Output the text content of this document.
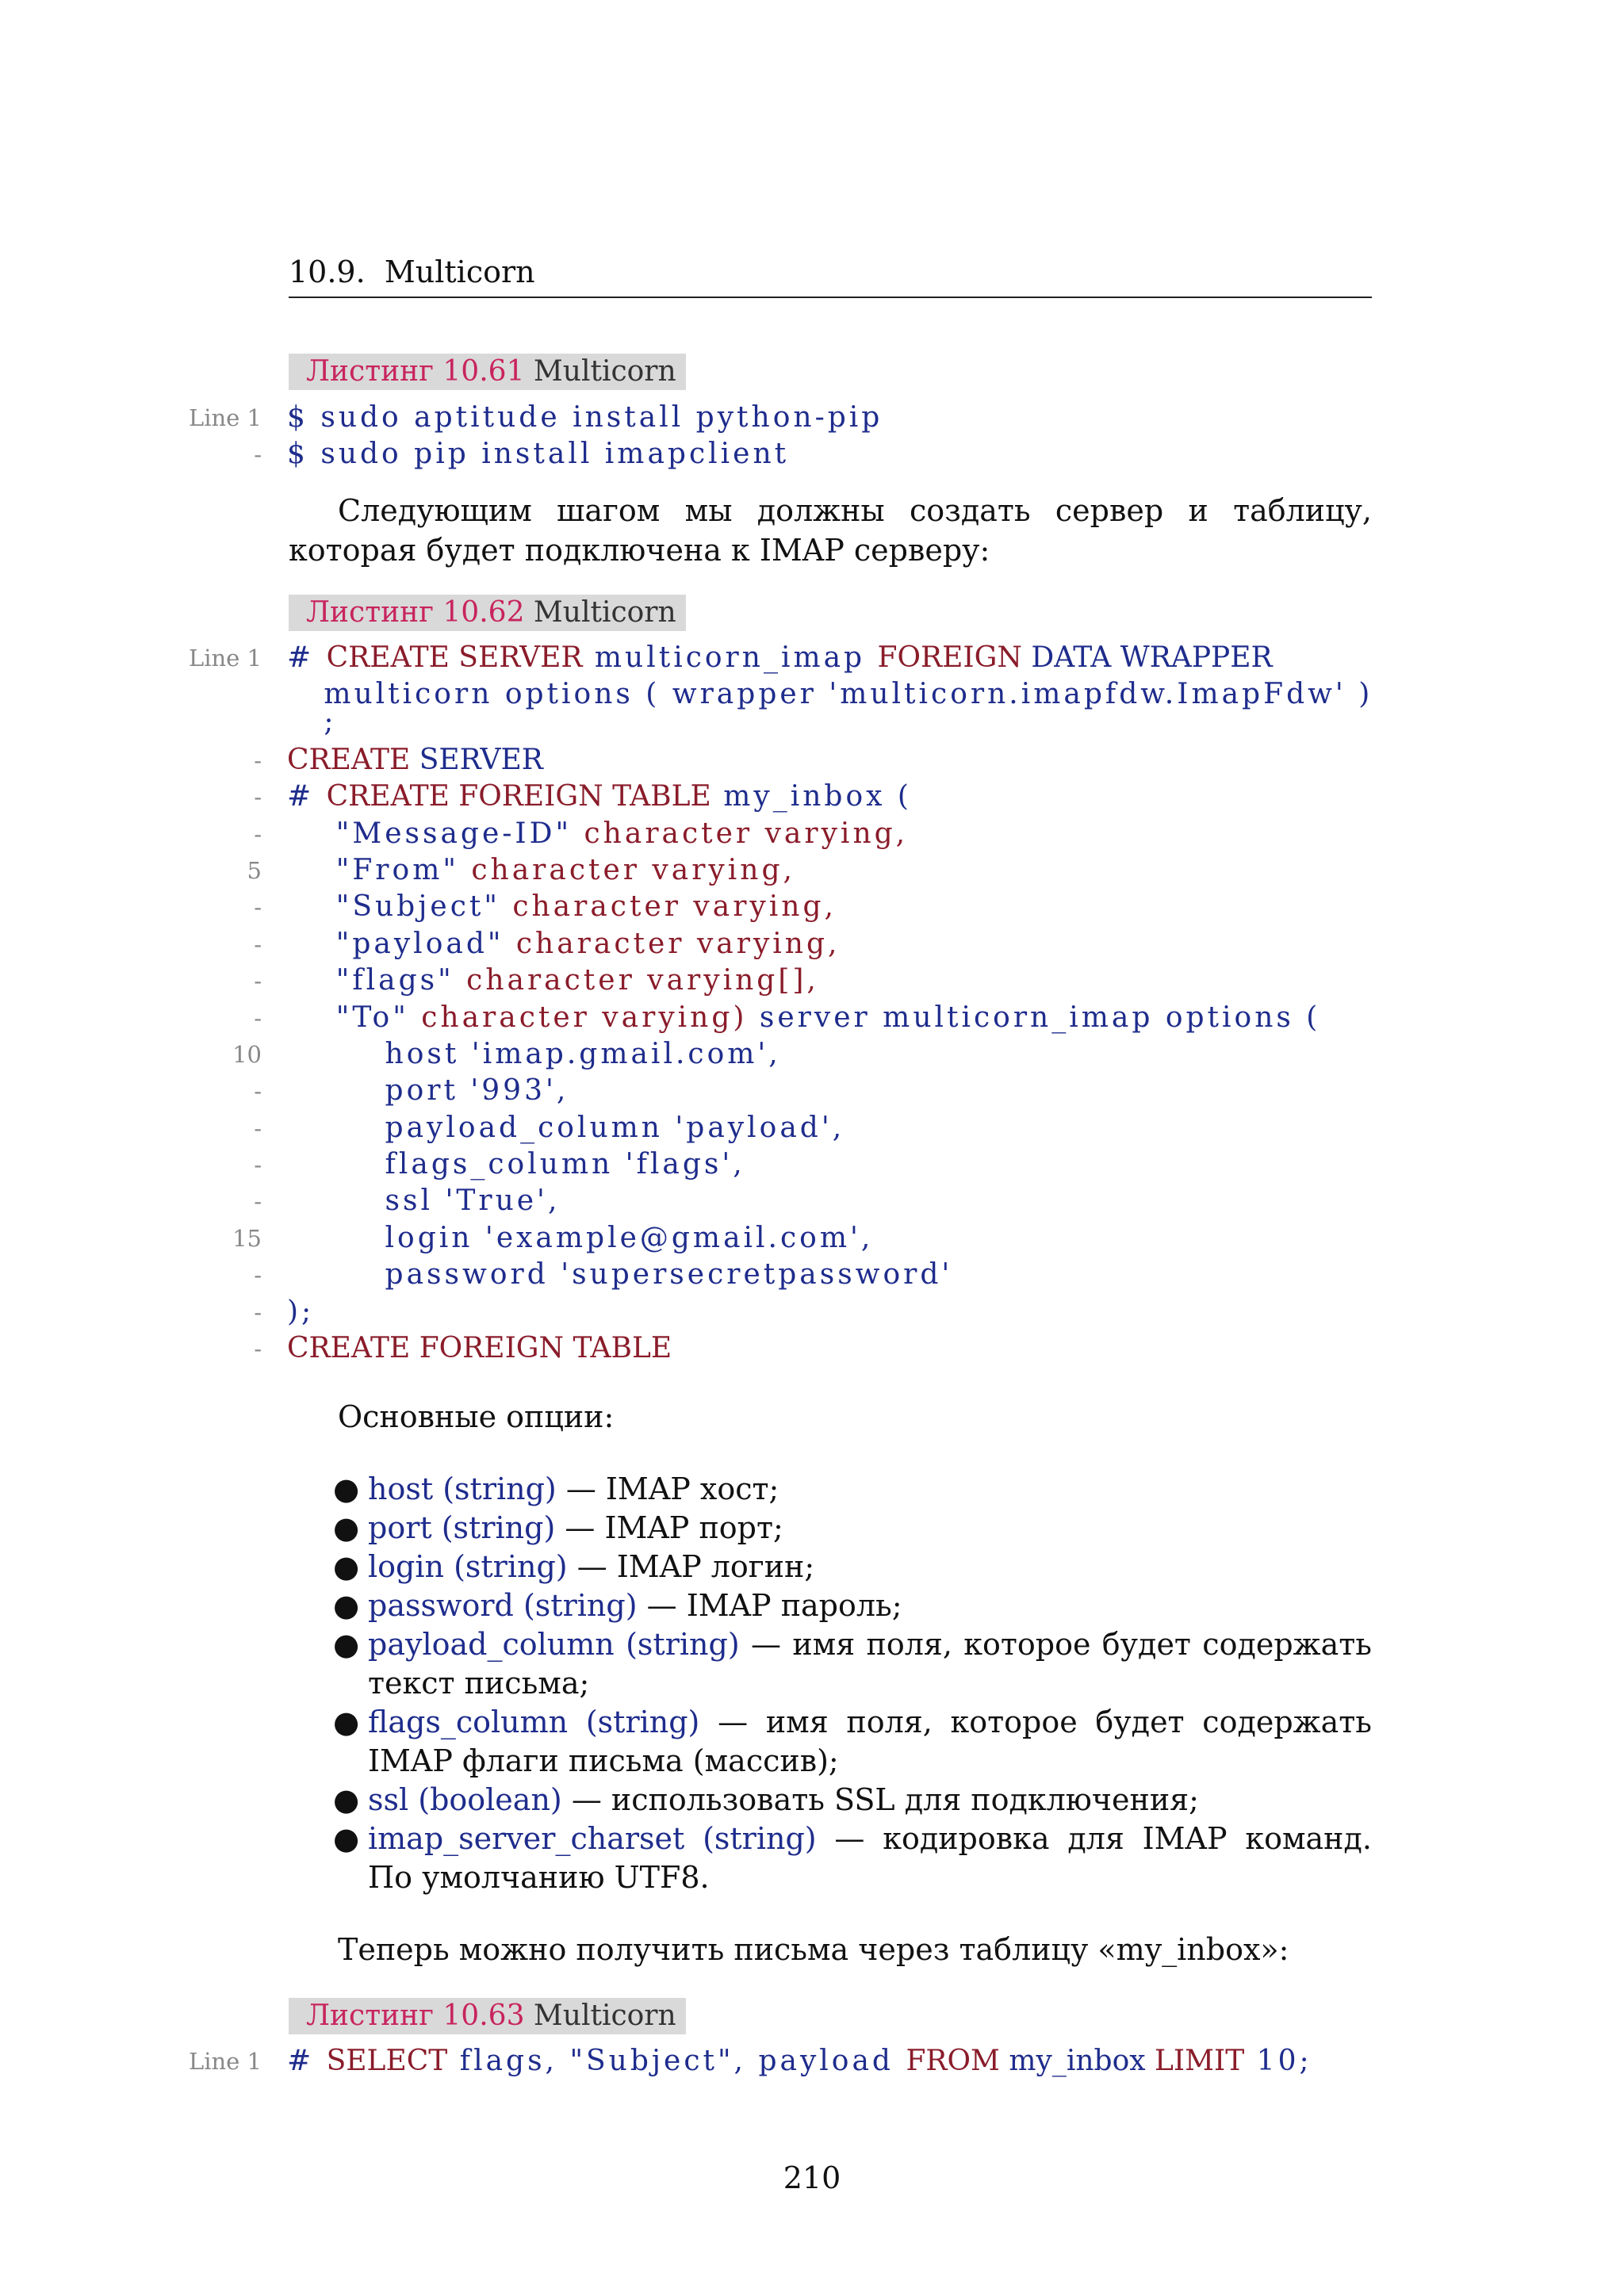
10.9. Multicorn
Листинг 10.61 Multicorn
Line 1 $ sudo aptitude install python-pip
- $ sudo pip install imapclient
Следующим шагом мы должны создать сервер и таблицу, которая будет подключена к IMAP серверу:
Листинг 10.62 Multicorn
Line 1 # CREATE SERVER multicorn_imap FOREIGN DATA WRAPPER
multicorn options ( wrapper 'multicorn.imapfdw.ImapFdw' )
;
- CREATE SERVER
- # CREATE FOREIGN TABLE my_inbox (
- "Message-ID" character varying,
5 "From" character varying,
- "Subject" character varying,
- "payload" character varying,
- "flags" character varying[],
- "To" character varying) server multicorn_imap options (
10 host 'imap.gmail.com',
- port '993',
- payload_column 'payload',
- flags_column 'flags',
- ssl 'True',
15 login 'example@gmail.com',
- password 'supersecretpassword'
- );
- CREATE FOREIGN TABLE
Основные опции:
● host (string) — IMAP хост;
● port (string) — IMAP порт;
● login (string) — IMAP логин;
● password (string) — IMAP пароль;
● payload_column (string) — имя поля, которое будет содержать текст письма;
● flags_column (string) — имя поля, которое будет содержать IMAP флаги письма (массив);
● ssl (boolean) — использовать SSL для подключения;
● imap_server_charset (string) — кодировка для IMAP команд. По умолчанию UTF8.
Теперь можно получить письма через таблицу «my_inbox»:
Листинг 10.63 Multicorn
Line 1 # SELECT flags, "Subject", payload FROM my_inbox LIMIT 10;
210
